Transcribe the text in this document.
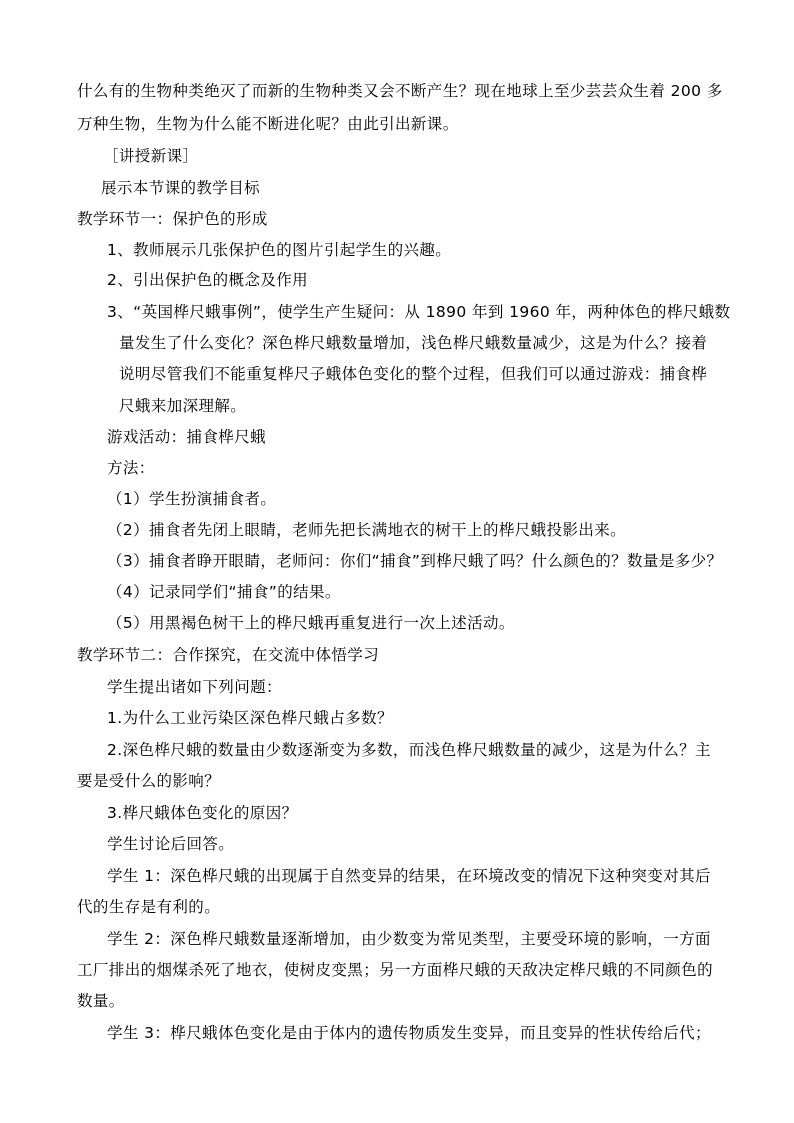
什么有的生物种类绝灭了而新的生物种类又会不断产生？现在地球上至少芸芸众生着 200 多
万种生物，生物为什么能不断进化呢？由此引出新课。
［讲授新课］
展示本节课的教学目标
教学环节一：保护色的形成
1、教师展示几张保护色的图片引起学生的兴趣。
2、引出保护色的概念及作用
3、“英国桦尺蛾事例”，使学生产生疑问：从 1890 年到 1960 年，两种体色的桦尺蛾数
量发生了什么变化？深色桦尺蛾数量增加，浅色桦尺蛾数量减少，这是为什么？接着
说明尽管我们不能重复桦尺子蛾体色变化的整个过程，但我们可以通过游戏：捕食桦
尺蛾来加深理解。
游戏活动：捕食桦尺蛾
方法：
（1）学生扮演捕食者。
（2）捕食者先闭上眼睛，老师先把长满地衣的树干上的桦尺蛾投影出来。
（3）捕食者睁开眼睛，老师问：你们“捕食”到桦尺蛾了吗？什么颜色的？数量是多少？
（4）记录同学们“捕食”的结果。
（5）用黑褐色树干上的桦尺蛾再重复进行一次上述活动。
教学环节二：合作探究，在交流中体悟学习
学生提出诸如下列问题：
1.为什么工业污染区深色桦尺蛾占多数？
2.深色桦尺蛾的数量由少数逐渐变为多数，而浅色桦尺蛾数量的减少，这是为什么？主
要是受什么的影响？
3.桦尺蛾体色变化的原因？
学生讨论后回答。
学生 1：深色桦尺蛾的出现属于自然变异的结果，在环境改变的情况下这种突变对其后
代的生存是有利的。
学生 2：深色桦尺蛾数量逐渐增加，由少数变为常见类型，主要受环境的影响，一方面
工厂排出的烟煤杀死了地衣，使树皮变黑；另一方面桦尺蛾的天敌决定桦尺蛾的不同颜色的
数量。
学生 3：桦尺蛾体色变化是由于体内的遗传物质发生变异，而且变异的性状传给后代；
